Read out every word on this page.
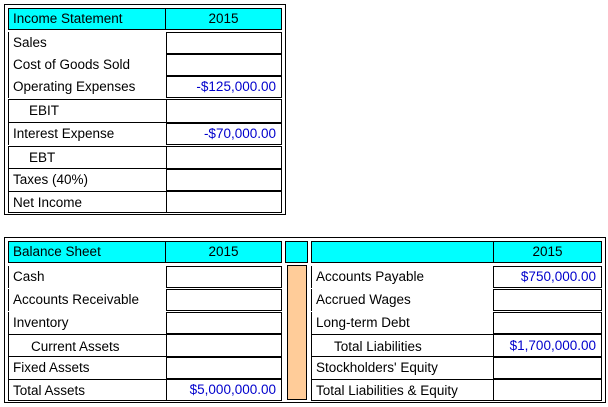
Income Statement	2015
Sales
Cost of Goods Sold
Operating Expenses	-$125,000.00
EBIT
Interest Expense	-$70,000.00
EBT
Taxes (40%)
Net Income
Balance Sheet	2015	2015
Cash
Accounts Receivable
Inventory
Current Assets
Fixed Assets
Total Assets	$5,000,000.00
Accounts Payable	$750,000.00
Accrued Wages
Long-term Debt
Total Liabilities	$1,700,000.00
Stockholders' Equity
Total Liabilities & Equity
